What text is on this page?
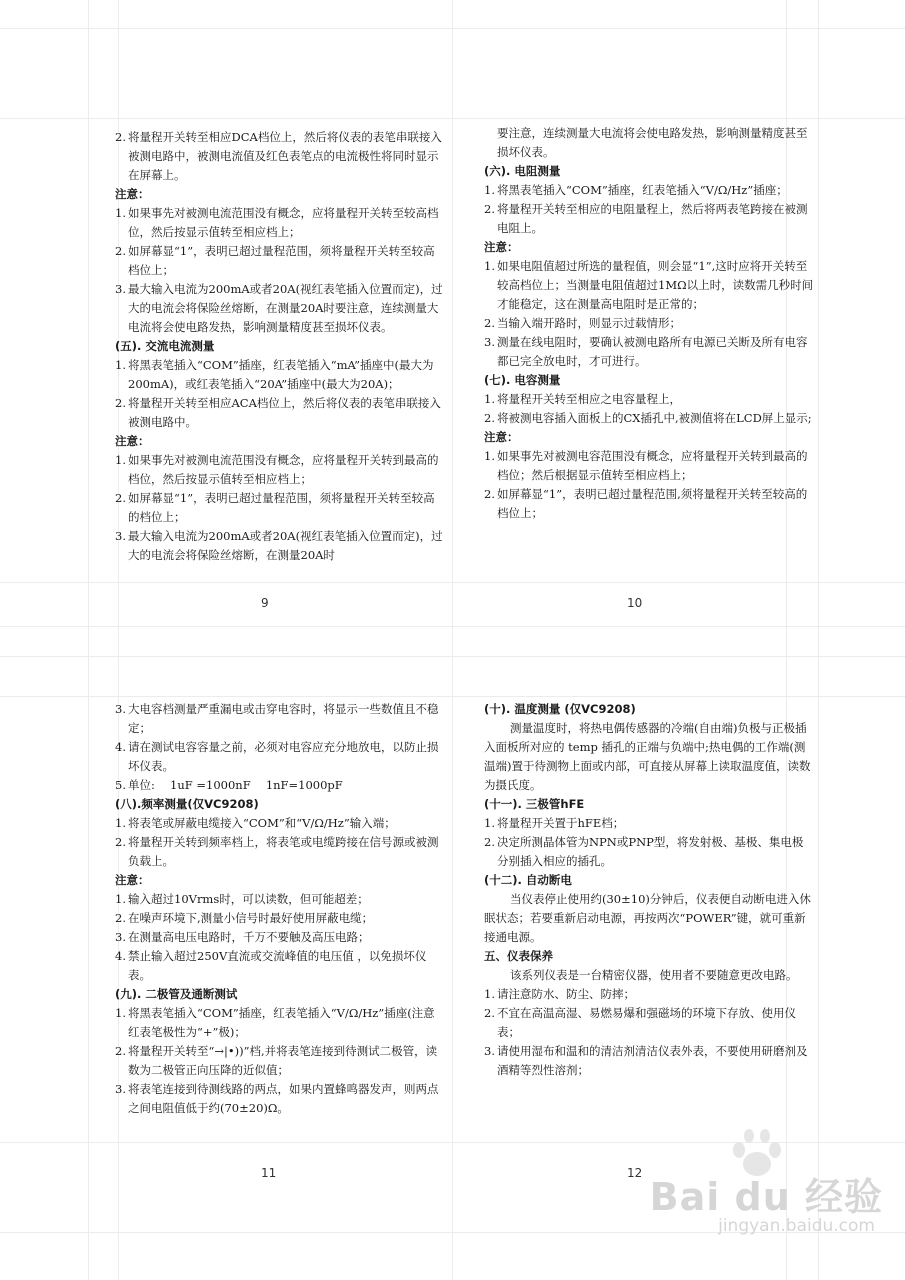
2. 将量程开关转至相应DCA档位上，然后将仪表的表笔串联接入被测电路中，被测电流值及红色表笔点的电流极性将同时显示在屏幕上。
注意：
1. 如果事先对被测电流范围没有概念，应将量程开关转至较高档位，然后按显示值转至相应档上；
2. 如屏幕显“1”，表明已超过量程范围，须将量程开关转至较高档位上；
3. 最大输入电流为200mA或者20A(视红表笔插入位置而定)，过大的电流会将保险丝熔断，在测量20A时要注意，连续测量大电流将会使电路发热，影响测量精度甚至损坏仪表。
(五). 交流电流测量
1. 将黑表笔插入“COM”插座，红表笔插入“mA”插座中(最大为200mA)，或红表笔插入“20A”插座中(最大为20A)；
2. 将量程开关转至相应ACA档位上，然后将仪表的表笔串联接入被测电路中。
注意：
1. 如果事先对被测电流范围没有概念，应将量程开关转到最高的档位，然后按显示值转至相应档上；
2. 如屏幕显“1”，表明已超过量程范围，须将量程开关转至较高的档位上；
3. 最大输入电流为200mA或者20A(视红表笔插入位置而定)，过大的电流会将保险丝熔断，在测量20A时
9
要注意，连续测量大电流将会使电路发热，影响测量精度甚至损坏仪表。
(六). 电阻测量
1. 将黑表笔插入“COM”插座，红表笔插入“V/Ω/Hz”插座；
2. 将量程开关转至相应的电阻量程上，然后将两表笔跨接在被测电阻上。
注意：
1. 如果电阻值超过所选的量程值，则会显“1”,这时应将开关转至较高档位上；当测量电阻值超过1MΩ以上时，读数需几秒时间才能稳定，这在测量高电阻时是正常的；
2. 当输入端开路时，则显示过载情形；
3. 测量在线电阻时，要确认被测电路所有电源已关断及所有电容都已完全放电时，才可进行。
(七). 电容测量
1. 将量程开关转至相应之电容量程上，
2. 将被测电容插入面板上的CX插孔中,被测值将在LCD屏上显示;
注意：
1. 如果事先对被测电容范围没有概念，应将量程开关转到最高的档位；然后根据显示值转至相应档上；
2. 如屏幕显“1”，表明已超过量程范围,须将量程开关转至较高的档位上；
10
3. 大电容档测量严重漏电或击穿电容时，将显示一些数值且不稳定；
4. 请在测试电容容量之前，必须对电容应充分地放电，以防止损坏仪表。
5. 单位:　 1uF =1000nF　 1nF=1000pF
(八).频率测量(仅VC9208)
1. 将表笔或屏蔽电缆接入“COM”和“V/Ω/Hz”输入端；
2. 将量程开关转到频率档上，将表笔或电缆跨接在信号源或被测负载上。
注意：
1. 输入超过10Vrms时，可以读数，但可能超差；
2. 在噪声环境下,测量小信号时最好使用屏蔽电缆；
3. 在测量高电压电路时，千万不要触及高压电路；
4. 禁止输入超过250V直流或交流峰值的电压值 ，以免损坏仪表。
(九). 二极管及通断测试
1. 将黑表笔插入“COM”插座，红表笔插入“V/Ω/Hz”插座(注意红表笔极性为“+”极)；
2. 将量程开关转至“→|•))”档,并将表笔连接到待测试二极管，读数为二极管正向压降的近似值；
3. 将表笔连接到待测线路的两点，如果内置蜂鸣器发声，则两点之间电阻值低于约(70±20)Ω。
11
(十). 温度测量 (仅VC9208)
测量温度时，将热电偶传感器的冷端(自由端)负极与正极插入面板所对应的 temp 插孔的正端与负端中;热电偶的工作端(测温端)置于待测物上面或内部，可直接从屏幕上读取温度值，读数为摄氏度。
(十一). 三极管hFE
1. 将量程开关置于hFE档；
2. 决定所测晶体管为NPN或PNP型，将发射极、基极、集电极分别插入相应的插孔。
(十二). 自动断电
当仪表停止使用约(30±10)分钟后，仪表便自动断电进入休眠状态；若要重新启动电源，再按两次“POWER”键，就可重新接通电源。
五、仪表保养
该系列仪表是一台精密仪器，使用者不要随意更改电路。
1. 请注意防水、防尘、防摔；
2. 不宜在高温高湿、易燃易爆和强磁场的环境下存放、使用仪表；
3. 请使用湿布和温和的清洁剂清洁仪表外表，不要使用研磨剂及酒精等烈性溶剂；
12
Bai du 经验
jingyan.baidu.com
